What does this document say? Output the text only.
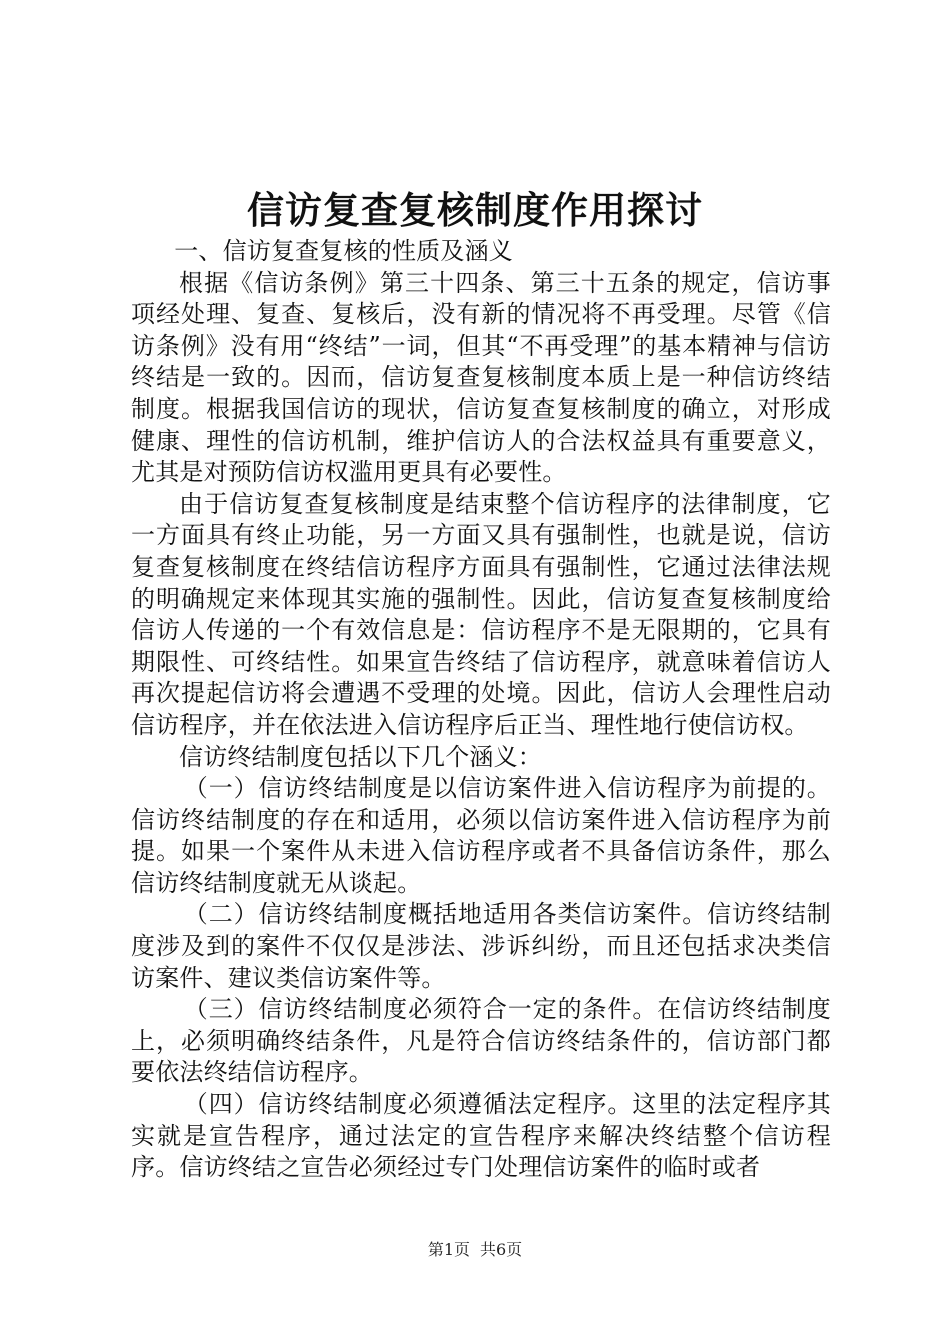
信访复查复核制度作用探讨

一、信访复查复核的性质及涵义

根据《信访条例》第三十四条、第三十五条的规定，信访事项经处理、复查、复核后，没有新的情况将不再受理。尽管《信访条例》没有用“终结”一词，但其“不再受理”的基本精神与信访终结是一致的。因而，信访复查复核制度本质上是一种信访终结制度。根据我国信访的现状，信访复查复核制度的确立，对形成健康、理性的信访机制，维护信访人的合法权益具有重要意义，尤其是对预防信访权滥用更具有必要性。

由于信访复查复核制度是结束整个信访程序的法律制度，它一方面具有终止功能，另一方面又具有强制性，也就是说，信访复查复核制度在终结信访程序方面具有强制性，它通过法律法规的明确规定来体现其实施的强制性。因此，信访复查复核制度给信访人传递的一个有效信息是：信访程序不是无限期的，它具有期限性、可终结性。如果宣告终结了信访程序，就意味着信访人再次提起信访将会遭遇不受理的处境。因此，信访人会理性启动信访程序，并在依法进入信访程序后正当、理性地行使信访权。

信访终结制度包括以下几个涵义：

（一）信访终结制度是以信访案件进入信访程序为前提的。信访终结制度的存在和适用，必须以信访案件进入信访程序为前提。如果一个案件从未进入信访程序或者不具备信访条件，那么信访终结制度就无从谈起。

（二）信访终结制度概括地适用各类信访案件。信访终结制度涉及到的案件不仅仅是涉法、涉诉纠纷，而且还包括求决类信访案件、建议类信访案件等。

（三）信访终结制度必须符合一定的条件。在信访终结制度上，必须明确终结条件，凡是符合信访终结条件的，信访部门都要依法终结信访程序。

（四）信访终结制度必须遵循法定程序。这里的法定程序其实就是宣告程序，通过法定的宣告程序来解决终结整个信访程序。信访终结之宣告必须经过专门处理信访案件的临时或者

第1页 共6页
